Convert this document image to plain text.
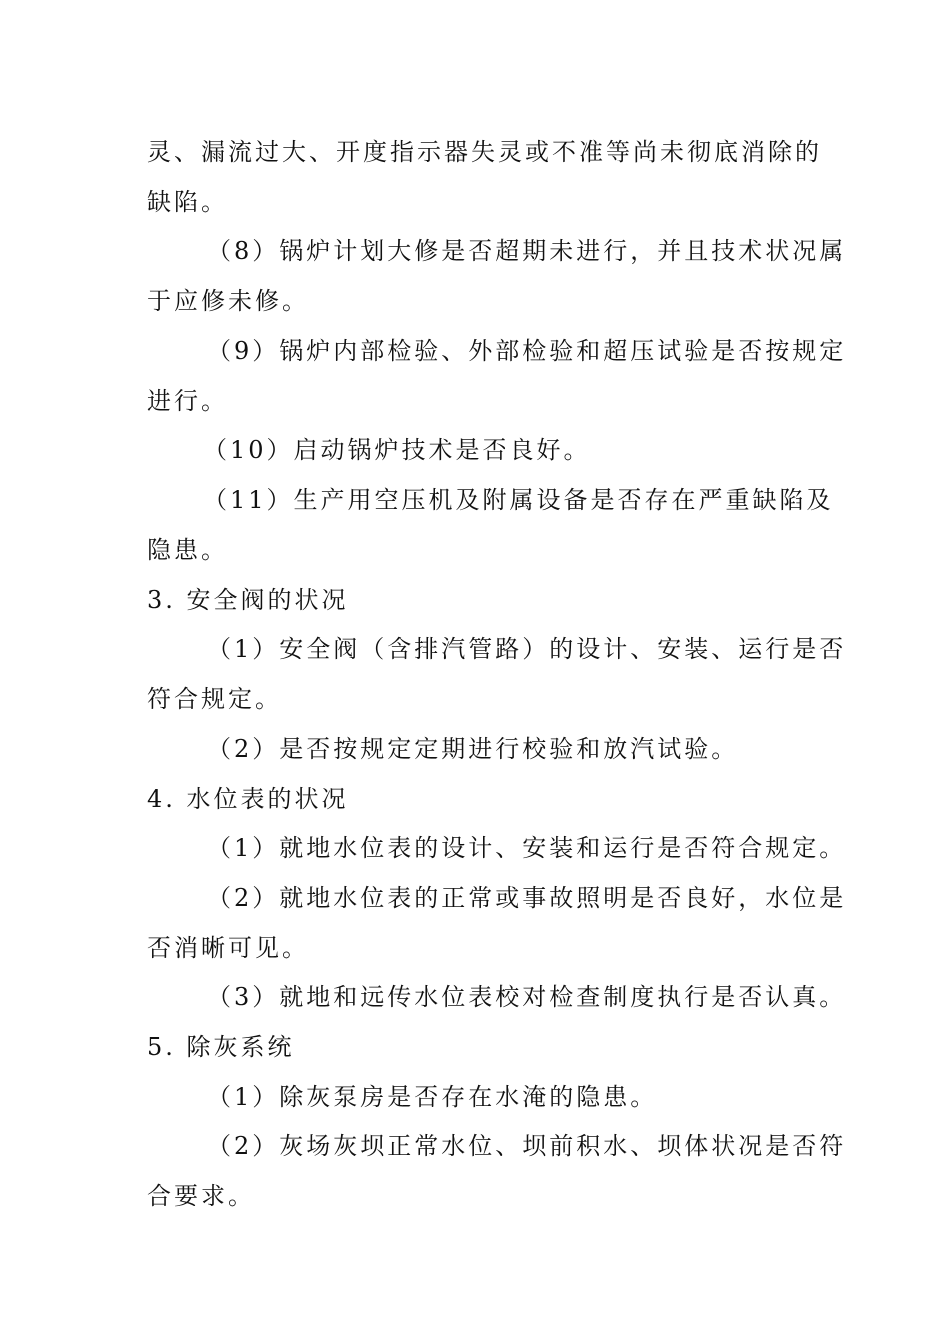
灵、漏流过大、开度指示器失灵或不准等尚未彻底消除的
缺陷。
（8）锅炉计划大修是否超期未进行，并且技术状况属
于应修未修。
（9）锅炉内部检验、外部检验和超压试验是否按规定
进行。
（10）启动锅炉技术是否良好。
（11）生产用空压机及附属设备是否存在严重缺陷及
隐患。
3. 安全阀的状况
（1）安全阀（含排汽管路）的设计、安装、运行是否
符合规定。
（2）是否按规定定期进行校验和放汽试验。
4. 水位表的状况
（1）就地水位表的设计、安装和运行是否符合规定。
（2）就地水位表的正常或事故照明是否良好，水位是
否消晰可见。
（3）就地和远传水位表校对检查制度执行是否认真。
5. 除灰系统
（1）除灰泵房是否存在水淹的隐患。
（2）灰场灰坝正常水位、坝前积水、坝体状况是否符
合要求。
